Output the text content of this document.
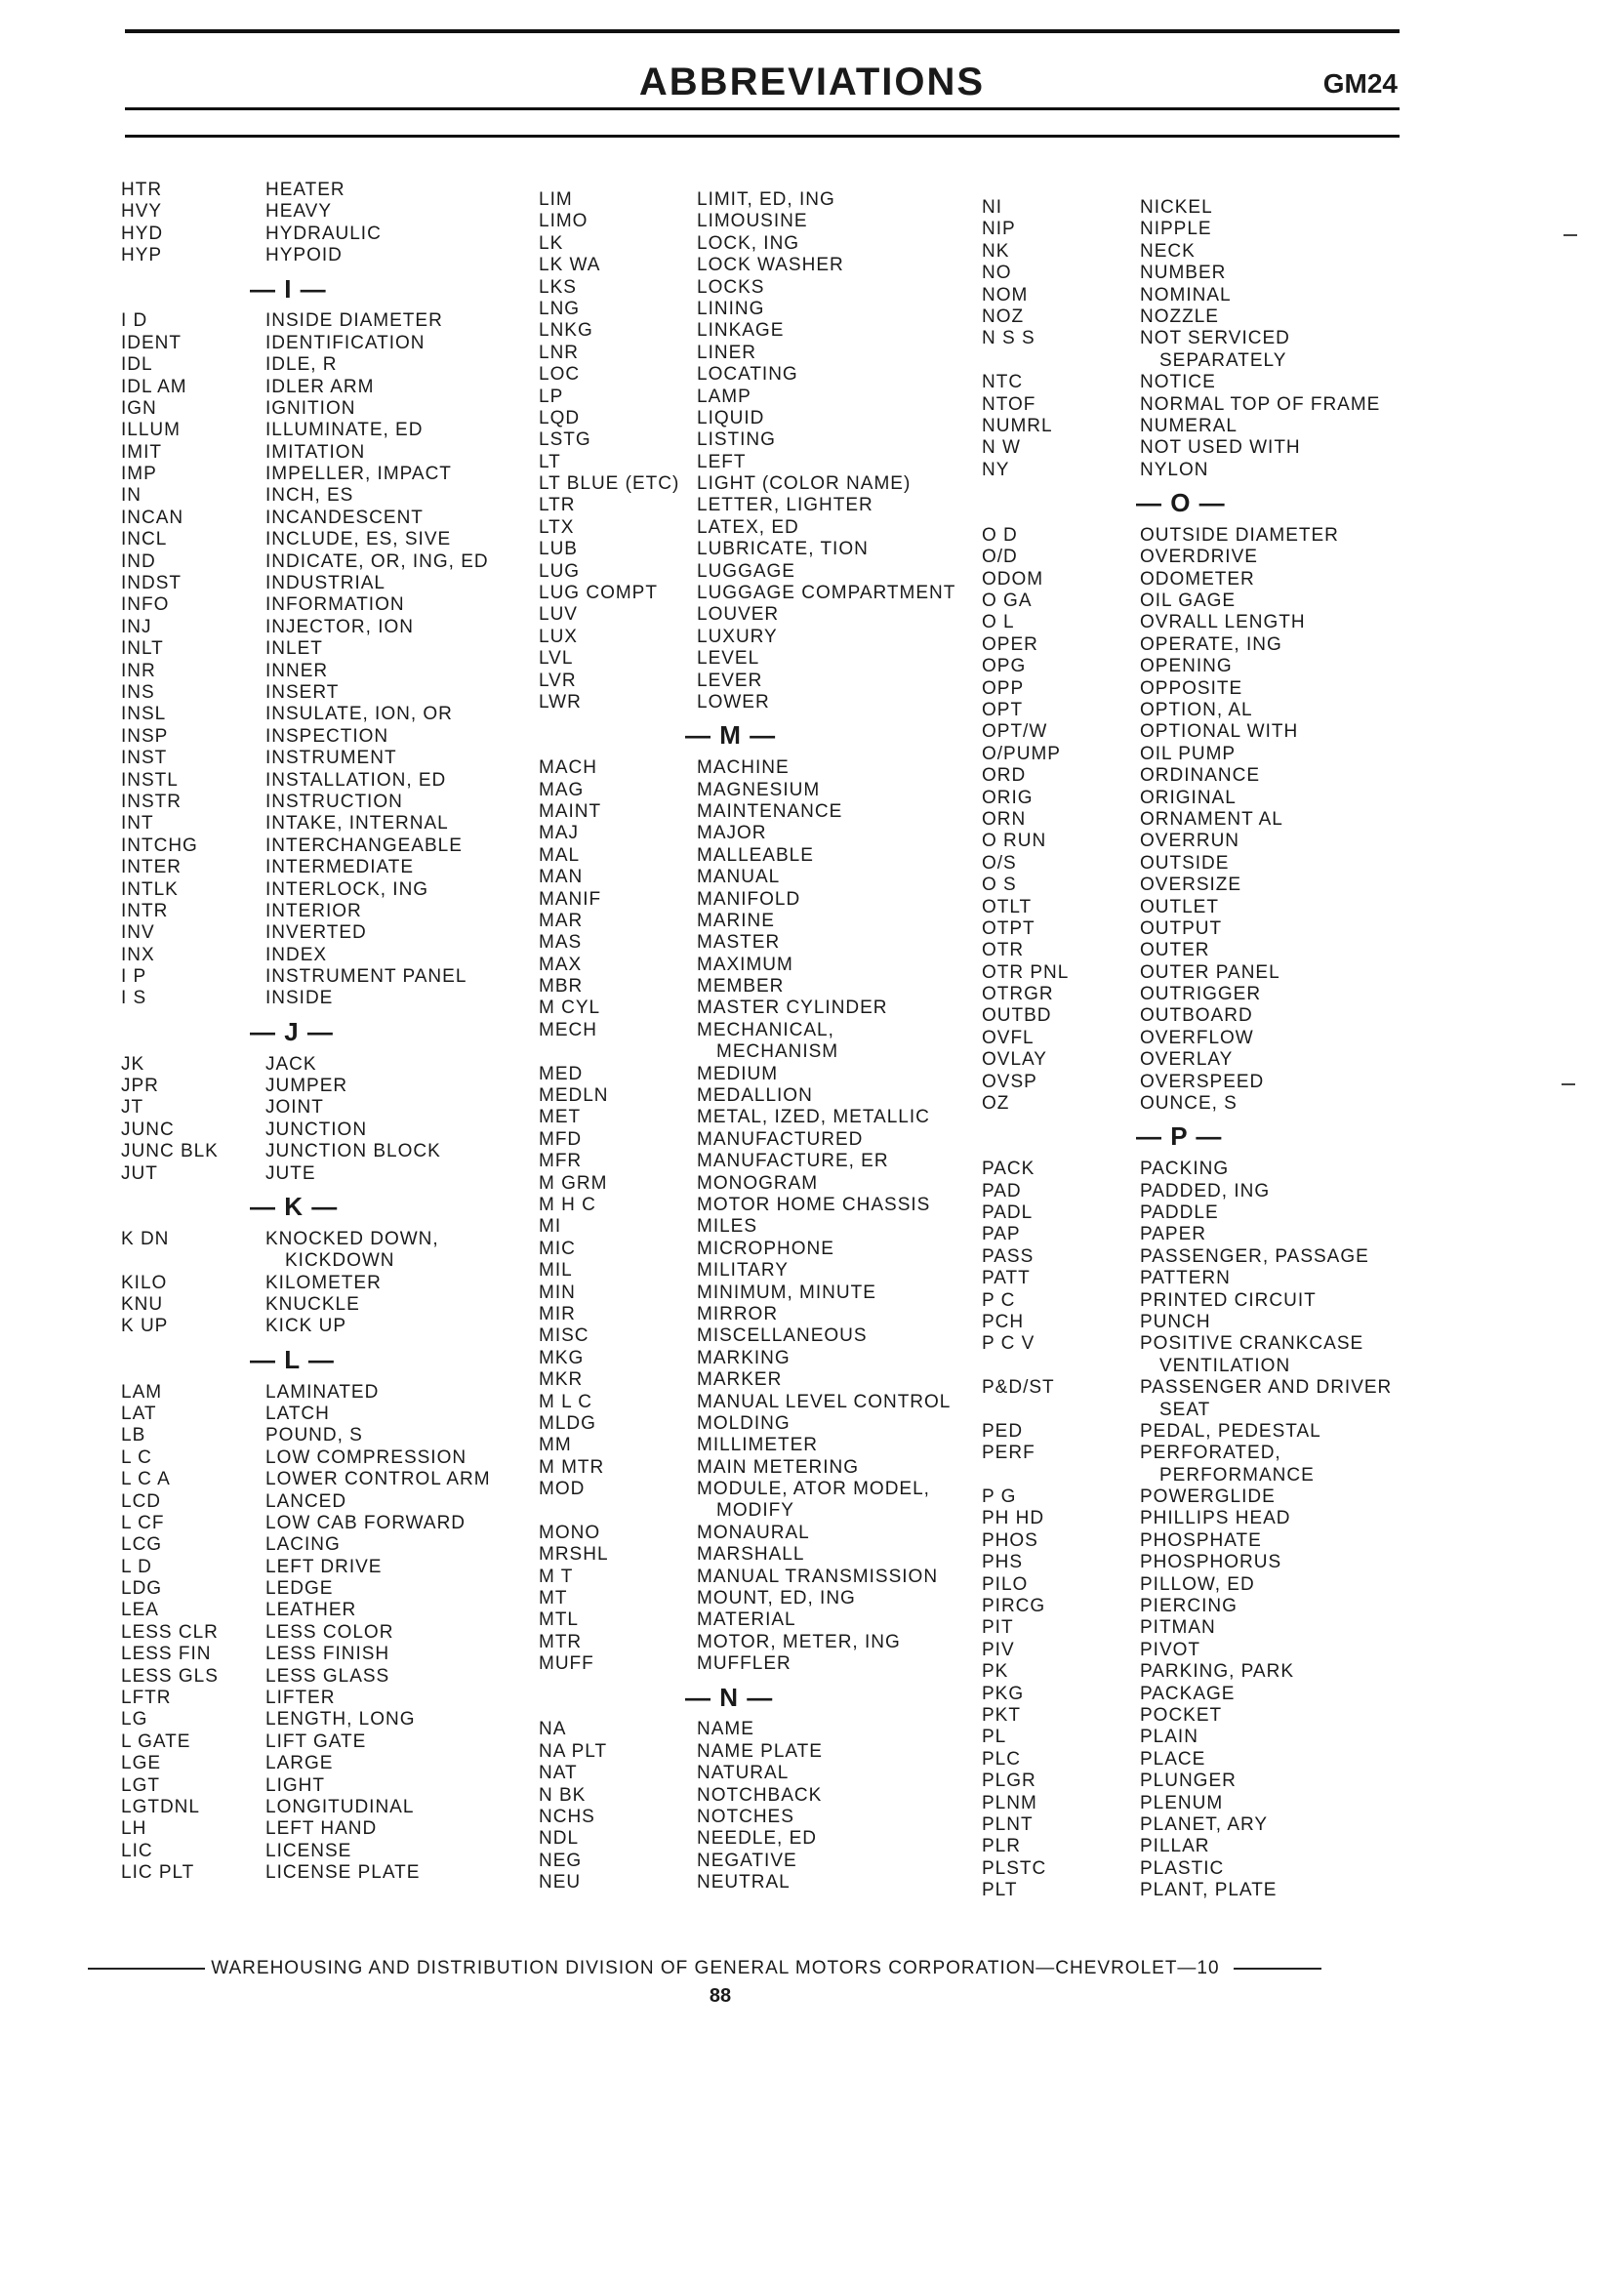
ABBREVIATIONS	GM24
HTR	HEATER
HVY	HEAVY
HYD	HYDRAULIC
HYP	HYPOID
— I —
I D	INSIDE DIAMETER
IDENT	IDENTIFICATION
IDL	IDLE, R
IDL AM	IDLER ARM
IGN	IGNITION
ILLUM	ILLUMINATE, ED
IMIT	IMITATION
IMP	IMPELLER, IMPACT
IN	INCH, ES
INCAN	INCANDESCENT
INCL	INCLUDE, ES, SIVE
IND	INDICATE, OR, ING, ED
INDST	INDUSTRIAL
INFO	INFORMATION
INJ	INJECTOR, ION
INLT	INLET
INR	INNER
INS	INSERT
INSL	INSULATE, ION, OR
INSP	INSPECTION
INST	INSTRUMENT
INSTL	INSTALLATION, ED
INSTR	INSTRUCTION
INT	INTAKE, INTERNAL
INTCHG	INTERCHANGEABLE
INTER	INTERMEDIATE
INTLK	INTERLOCK, ING
INTR	INTERIOR
INV	INVERTED
INX	INDEX
I P	INSTRUMENT PANEL
I S	INSIDE
— J —
JK	JACK
JPR	JUMPER
JT	JOINT
JUNC	JUNCTION
JUNC BLK	JUNCTION BLOCK
JUT	JUTE
— K —
K DN	KNOCKED DOWN,
KICKDOWN
KILO	KILOMETER
KNU	KNUCKLE
K UP	KICK UP
— L —
LAM	LAMINATED
LAT	LATCH
LB	POUND, S
L C	LOW COMPRESSION
L C A	LOWER CONTROL ARM
LCD	LANCED
L CF	LOW CAB FORWARD
LCG	LACING
L D	LEFT DRIVE
LDG	LEDGE
LEA	LEATHER
LESS CLR	LESS COLOR
LESS FIN	LESS FINISH
LESS GLS	LESS GLASS
LFTR	LIFTER
LG	LENGTH, LONG
L GATE	LIFT GATE
LGE	LARGE
LGT	LIGHT
LGTDNL	LONGITUDINAL
LH	LEFT HAND
LIC	LICENSE
LIC PLT	LICENSE PLATE
LIM	LIMIT, ED, ING
LIMO	LIMOUSINE
LK	LOCK, ING
LK WA	LOCK WASHER
LKS	LOCKS
LNG	LINING
LNKG	LINKAGE
LNR	LINER
LOC	LOCATING
LP	LAMP
LQD	LIQUID
LSTG	LISTING
LT	LEFT
LT BLUE (ETC) LIGHT (COLOR NAME)
LTR	LETTER, LIGHTER
LTX	LATEX, ED
LUB	LUBRICATE, TION
LUG	LUGGAGE
LUG COMPT LUGGAGE COMPARTMENT
LUV	LOUVER
LUX	LUXURY
LVL	LEVEL
LVR	LEVER
LWR	LOWER
— M —
MACH	MACHINE
MAG	MAGNESIUM
MAINT	MAINTENANCE
MAJ	MAJOR
MAL	MALLEABLE
MAN	MANUAL
MANIF	MANIFOLD
MAR	MARINE
MAS	MASTER
MAX	MAXIMUM
MBR	MEMBER
M CYL	MASTER CYLINDER
MECH	MECHANICAL,
MECHANISM
MED	MEDIUM
MEDLN	MEDALLION
MET	METAL, IZED, METALLIC
MFD	MANUFACTURED
MFR	MANUFACTURE, ER
M GRM	MONOGRAM
M H C	MOTOR HOME CHASSIS
MI	MILES
MIC	MICROPHONE
MIL	MILITARY
MIN	MINIMUM, MINUTE
MIR	MIRROR
MISC	MISCELLANEOUS
MKG	MARKING
MKR	MARKER
M L C	MANUAL LEVEL CONTROL
MLDG	MOLDING
MM	MILLIMETER
M MTR	MAIN METERING
MOD	MODULE, ATOR MODEL,
MODIFY
MONO	MONAURAL
MRSHL	MARSHALL
M T	MANUAL TRANSMISSION
MT	MOUNT, ED, ING
MTL	MATERIAL
MTR	MOTOR, METER, ING
MUFF	MUFFLER
— N —
NA	NAME
NA PLT	NAME PLATE
NAT	NATURAL
N BK	NOTCHBACK
NCHS	NOTCHES
NDL	NEEDLE, ED
NEG	NEGATIVE
NEU	NEUTRAL
NI	NICKEL
NIP	NIPPLE
NK	NECK
NO	NUMBER
NOM	NOMINAL
NOZ	NOZZLE
N S S	NOT SERVICED
SEPARATELY
NTC	NOTICE
NTOF	NORMAL TOP OF FRAME
NUMRL	NUMERAL
N W	NOT USED WITH
NY	NYLON
— O —
O D	OUTSIDE DIAMETER
O/D	OVERDRIVE
ODOM	ODOMETER
O GA	OIL GAGE
O L	OVRALL LENGTH
OPER	OPERATE, ING
OPG	OPENING
OPP	OPPOSITE
OPT	OPTION, AL
OPT/W	OPTIONAL WITH
O/PUMP	OIL PUMP
ORD	ORDINANCE
ORIG	ORIGINAL
ORN	ORNAMENT AL
O RUN	OVERRUN
O/S	OUTSIDE
O S	OVERSIZE
OTLT	OUTLET
OTPT	OUTPUT
OTR	OUTER
OTR PNL	OUTER PANEL
OTRGR	OUTRIGGER
OUTBD	OUTBOARD
OVFL	OVERFLOW
OVLAY	OVERLAY
OVSP	OVERSPEED
OZ	OUNCE, S
— P —
PACK	PACKING
PAD	PADDED, ING
PADL	PADDLE
PAP	PAPER
PASS	PASSENGER, PASSAGE
PATT	PATTERN
P C	PRINTED CIRCUIT
PCH	PUNCH
P C V	POSITIVE CRANKCASE
VENTILATION
P&D/ST	PASSENGER AND DRIVER
SEAT
PED	PEDAL, PEDESTAL
PERF	PERFORATED,
PERFORMANCE
P G	POWERGLIDE
PH HD	PHILLIPS HEAD
PHOS	PHOSPHATE
PHS	PHOSPHORUS
PILO	PILLOW, ED
PIRCG	PIERCING
PIT	PITMAN
PIV	PIVOT
PK	PARKING, PARK
PKG	PACKAGE
PKT	POCKET
PL	PLAIN
PLC	PLACE
PLGR	PLUNGER
PLNM	PLENUM
PLNT	PLANET, ARY
PLR	PILLAR
PLSTC	PLASTIC
PLT	PLANT, PLATE
WAREHOUSING AND DISTRIBUTION DIVISION OF GENERAL MOTORS CORPORATION—CHEVROLET—10
88
